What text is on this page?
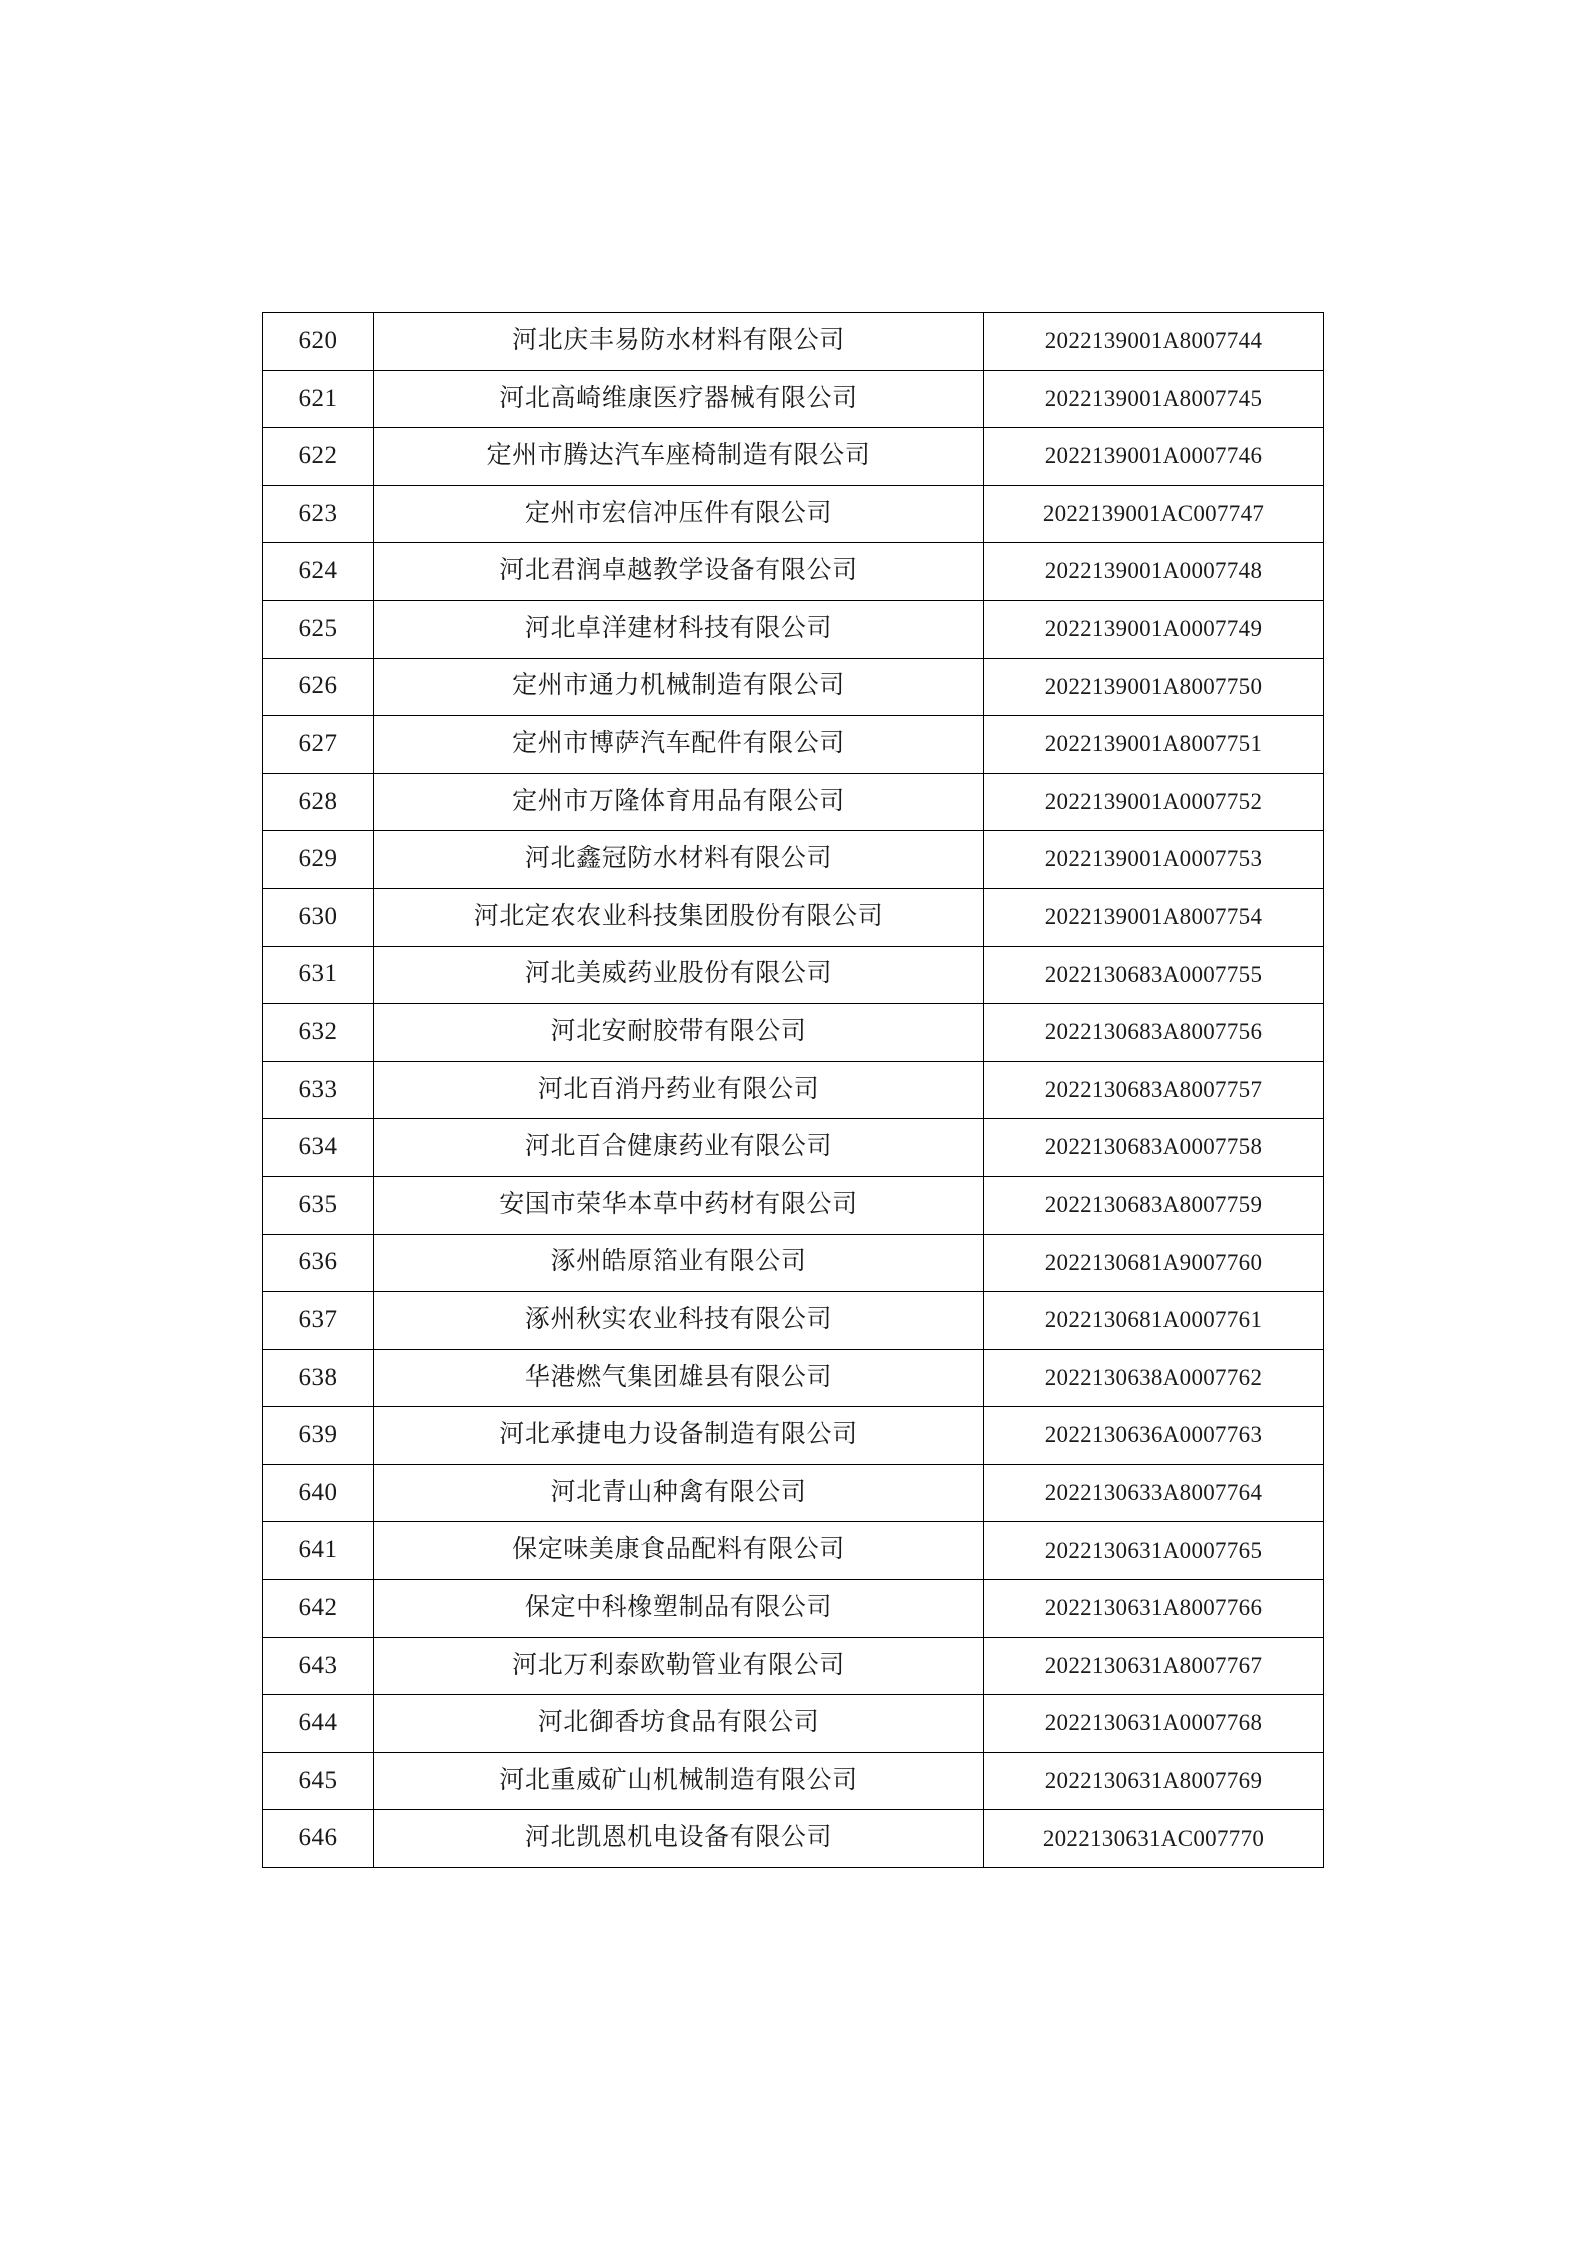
620	河北庆丰易防水材料有限公司	2022139001A8007744
621	河北高崎维康医疗器械有限公司	2022139001A8007745
622	定州市腾达汽车座椅制造有限公司	2022139001A0007746
623	定州市宏信冲压件有限公司	2022139001AC007747
624	河北君润卓越教学设备有限公司	2022139001A0007748
625	河北卓洋建材科技有限公司	2022139001A0007749
626	定州市通力机械制造有限公司	2022139001A8007750
627	定州市博萨汽车配件有限公司	2022139001A8007751
628	定州市万隆体育用品有限公司	2022139001A0007752
629	河北鑫冠防水材料有限公司	2022139001A0007753
630	河北定农农业科技集团股份有限公司	2022139001A8007754
631	河北美威药业股份有限公司	2022130683A0007755
632	河北安耐胶带有限公司	2022130683A8007756
633	河北百消丹药业有限公司	2022130683A8007757
634	河北百合健康药业有限公司	2022130683A0007758
635	安国市荣华本草中药材有限公司	2022130683A8007759
636	涿州皓原箔业有限公司	2022130681A9007760
637	涿州秋实农业科技有限公司	2022130681A0007761
638	华港燃气集团雄县有限公司	2022130638A0007762
639	河北承捷电力设备制造有限公司	2022130636A0007763
640	河北青山种禽有限公司	2022130633A8007764
641	保定味美康食品配料有限公司	2022130631A0007765
642	保定中科橡塑制品有限公司	2022130631A8007766
643	河北万利泰欧勒管业有限公司	2022130631A8007767
644	河北御香坊食品有限公司	2022130631A0007768
645	河北重威矿山机械制造有限公司	2022130631A8007769
646	河北凯恩机电设备有限公司	2022130631AC007770
